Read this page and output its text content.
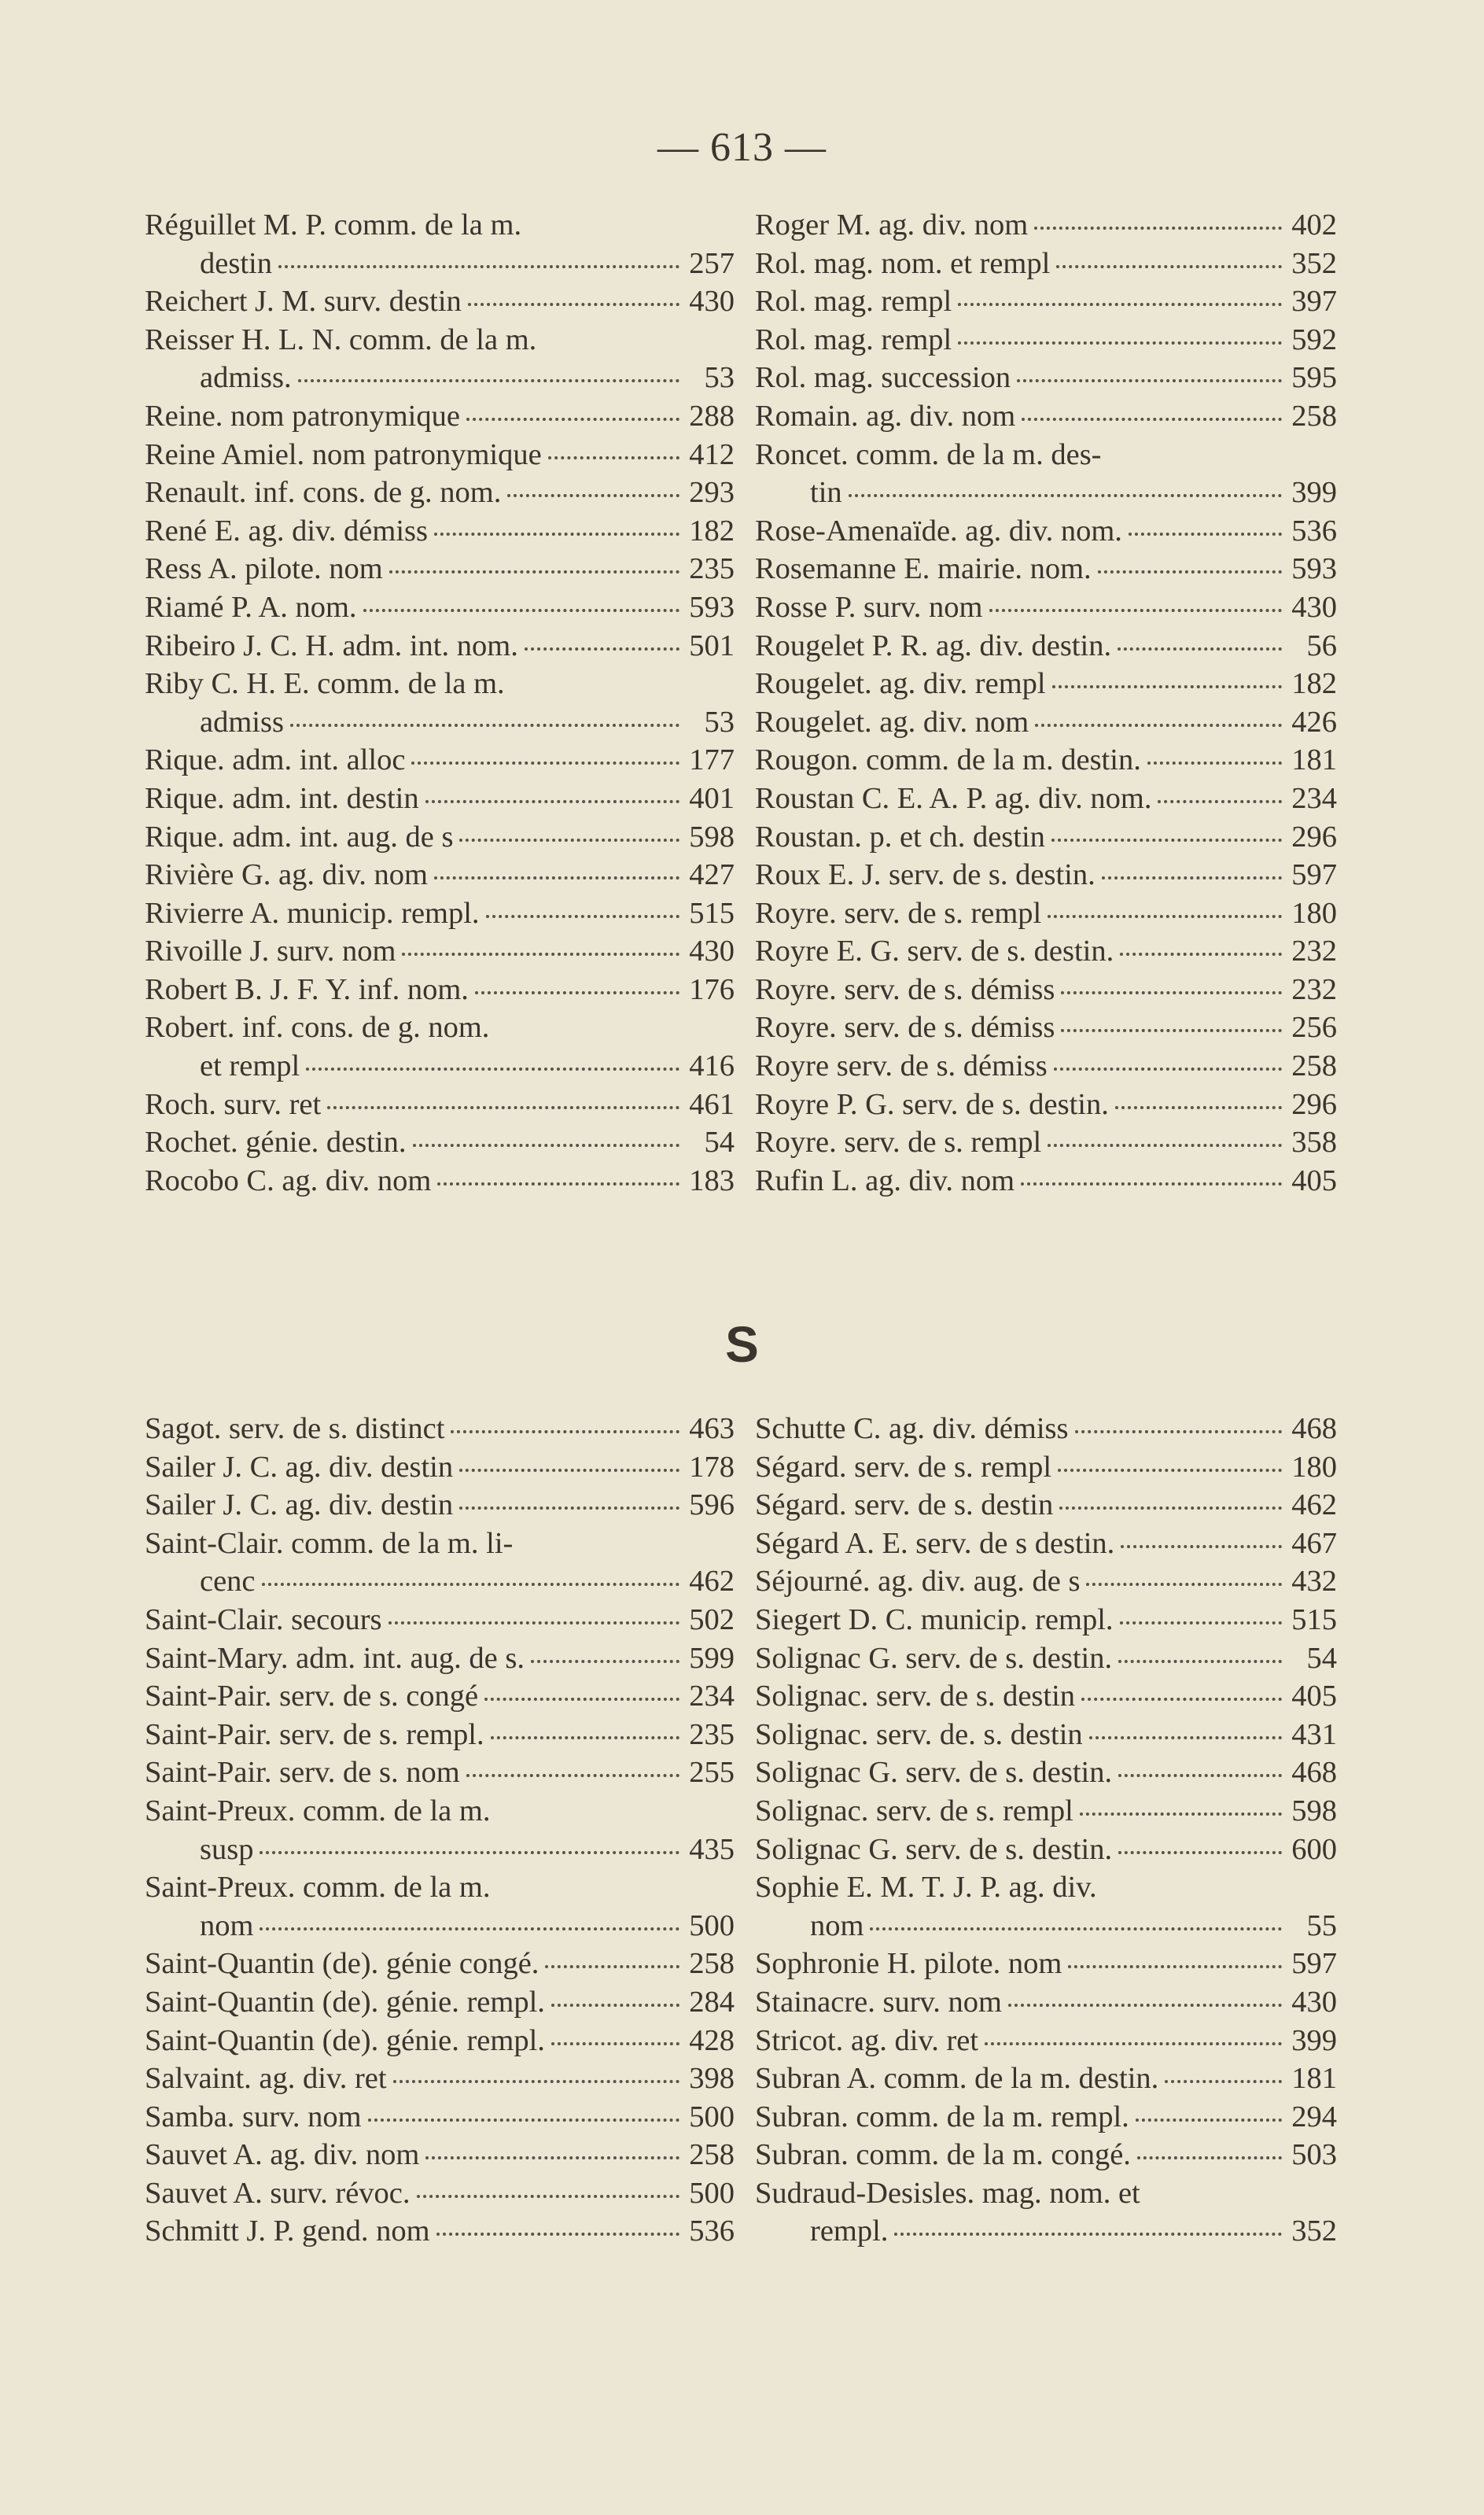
— 613 —
Réguillet M. P. comm. de la m.
destin	257
Reichert J. M. surv. destin	430
Reisser H. L. N. comm. de la m.
admiss.	53
Reine. nom patronymique	288
Reine Amiel. nom patronymique	412
Renault. inf. cons. de g. nom.	293
René E. ag. div. démiss	182
Ress A. pilote. nom	235
Riamé P. A. nom.	593
Ribeiro J. C. H. adm. int. nom.	501
Riby C. H. E. comm. de la m.
admiss	53
Rique. adm. int. alloc	177
Rique. adm. int. destin	401
Rique. adm. int. aug. de s	598
Rivière G. ag. div. nom	427
Rivierre A. municip. rempl.	515
Rivoille J. surv. nom	430
Robert B. J. F. Y. inf. nom.	176
Robert. inf. cons. de g. nom.
et rempl	416
Roch. surv. ret	461
Rochet. génie. destin.	54
Rocobo C. ag. div. nom	183
Roger M. ag. div. nom	402
Rol. mag. nom. et rempl	352
Rol. mag. rempl	397
Rol. mag. rempl	592
Rol. mag. succession	595
Romain. ag. div. nom	258
Roncet. comm. de la m. des-
tin	399
Rose-Amenaïde. ag. div. nom.	536
Rosemanne E. mairie. nom.	593
Rosse P. surv. nom	430
Rougelet P. R. ag. div. destin.	56
Rougelet. ag. div. rempl	182
Rougelet. ag. div. nom	426
Rougon. comm. de la m. destin.	181
Roustan C. E. A. P. ag. div. nom.	234
Roustan. p. et ch. destin	296
Roux E. J. serv. de s. destin.	597
Royre. serv. de s. rempl	180
Royre E. G. serv. de s. destin.	232
Royre. serv. de s. démiss	232
Royre. serv. de s. démiss	256
Royre serv. de s. démiss	258
Royre P. G. serv. de s. destin.	296
Royre. serv. de s. rempl	358
Rufin L. ag. div. nom	405
S
Sagot. serv. de s. distinct	463
Sailer J. C. ag. div. destin	178
Sailer J. C. ag. div. destin	596
Saint-Clair. comm. de la m. li-
cenc	462
Saint-Clair. secours	502
Saint-Mary. adm. int. aug. de s.	599
Saint-Pair. serv. de s. congé	234
Saint-Pair. serv. de s. rempl.	235
Saint-Pair. serv. de s. nom	255
Saint-Preux. comm. de la m.
susp	435
Saint-Preux. comm. de la m.
nom	500
Saint-Quantin (de). génie congé.	258
Saint-Quantin (de). génie. rempl.	284
Saint-Quantin (de). génie. rempl.	428
Salvaint. ag. div. ret	398
Samba. surv. nom	500
Sauvet A. ag. div. nom	258
Sauvet A. surv. révoc.	500
Schmitt J. P. gend. nom	536
Schutte C. ag. div. démiss	468
Ségard. serv. de s. rempl	180
Ségard. serv. de s. destin	462
Ségard A. E. serv. de s destin.	467
Séjourné. ag. div. aug. de s	432
Siegert D. C. municip. rempl.	515
Solignac G. serv. de s. destin.	54
Solignac. serv. de s. destin	405
Solignac. serv. de. s. destin	431
Solignac G. serv. de s. destin.	468
Solignac. serv. de s. rempl	598
Solignac G. serv. de s. destin.	600
Sophie E. M. T. J. P. ag. div.
nom	55
Sophronie H. pilote. nom	597
Stainacre. surv. nom	430
Stricot. ag. div. ret	399
Subran A. comm. de la m. destin.	181
Subran. comm. de la m. rempl.	294
Subran. comm. de la m. congé.	503
Sudraud-Desisles. mag. nom. et
rempl.	352
